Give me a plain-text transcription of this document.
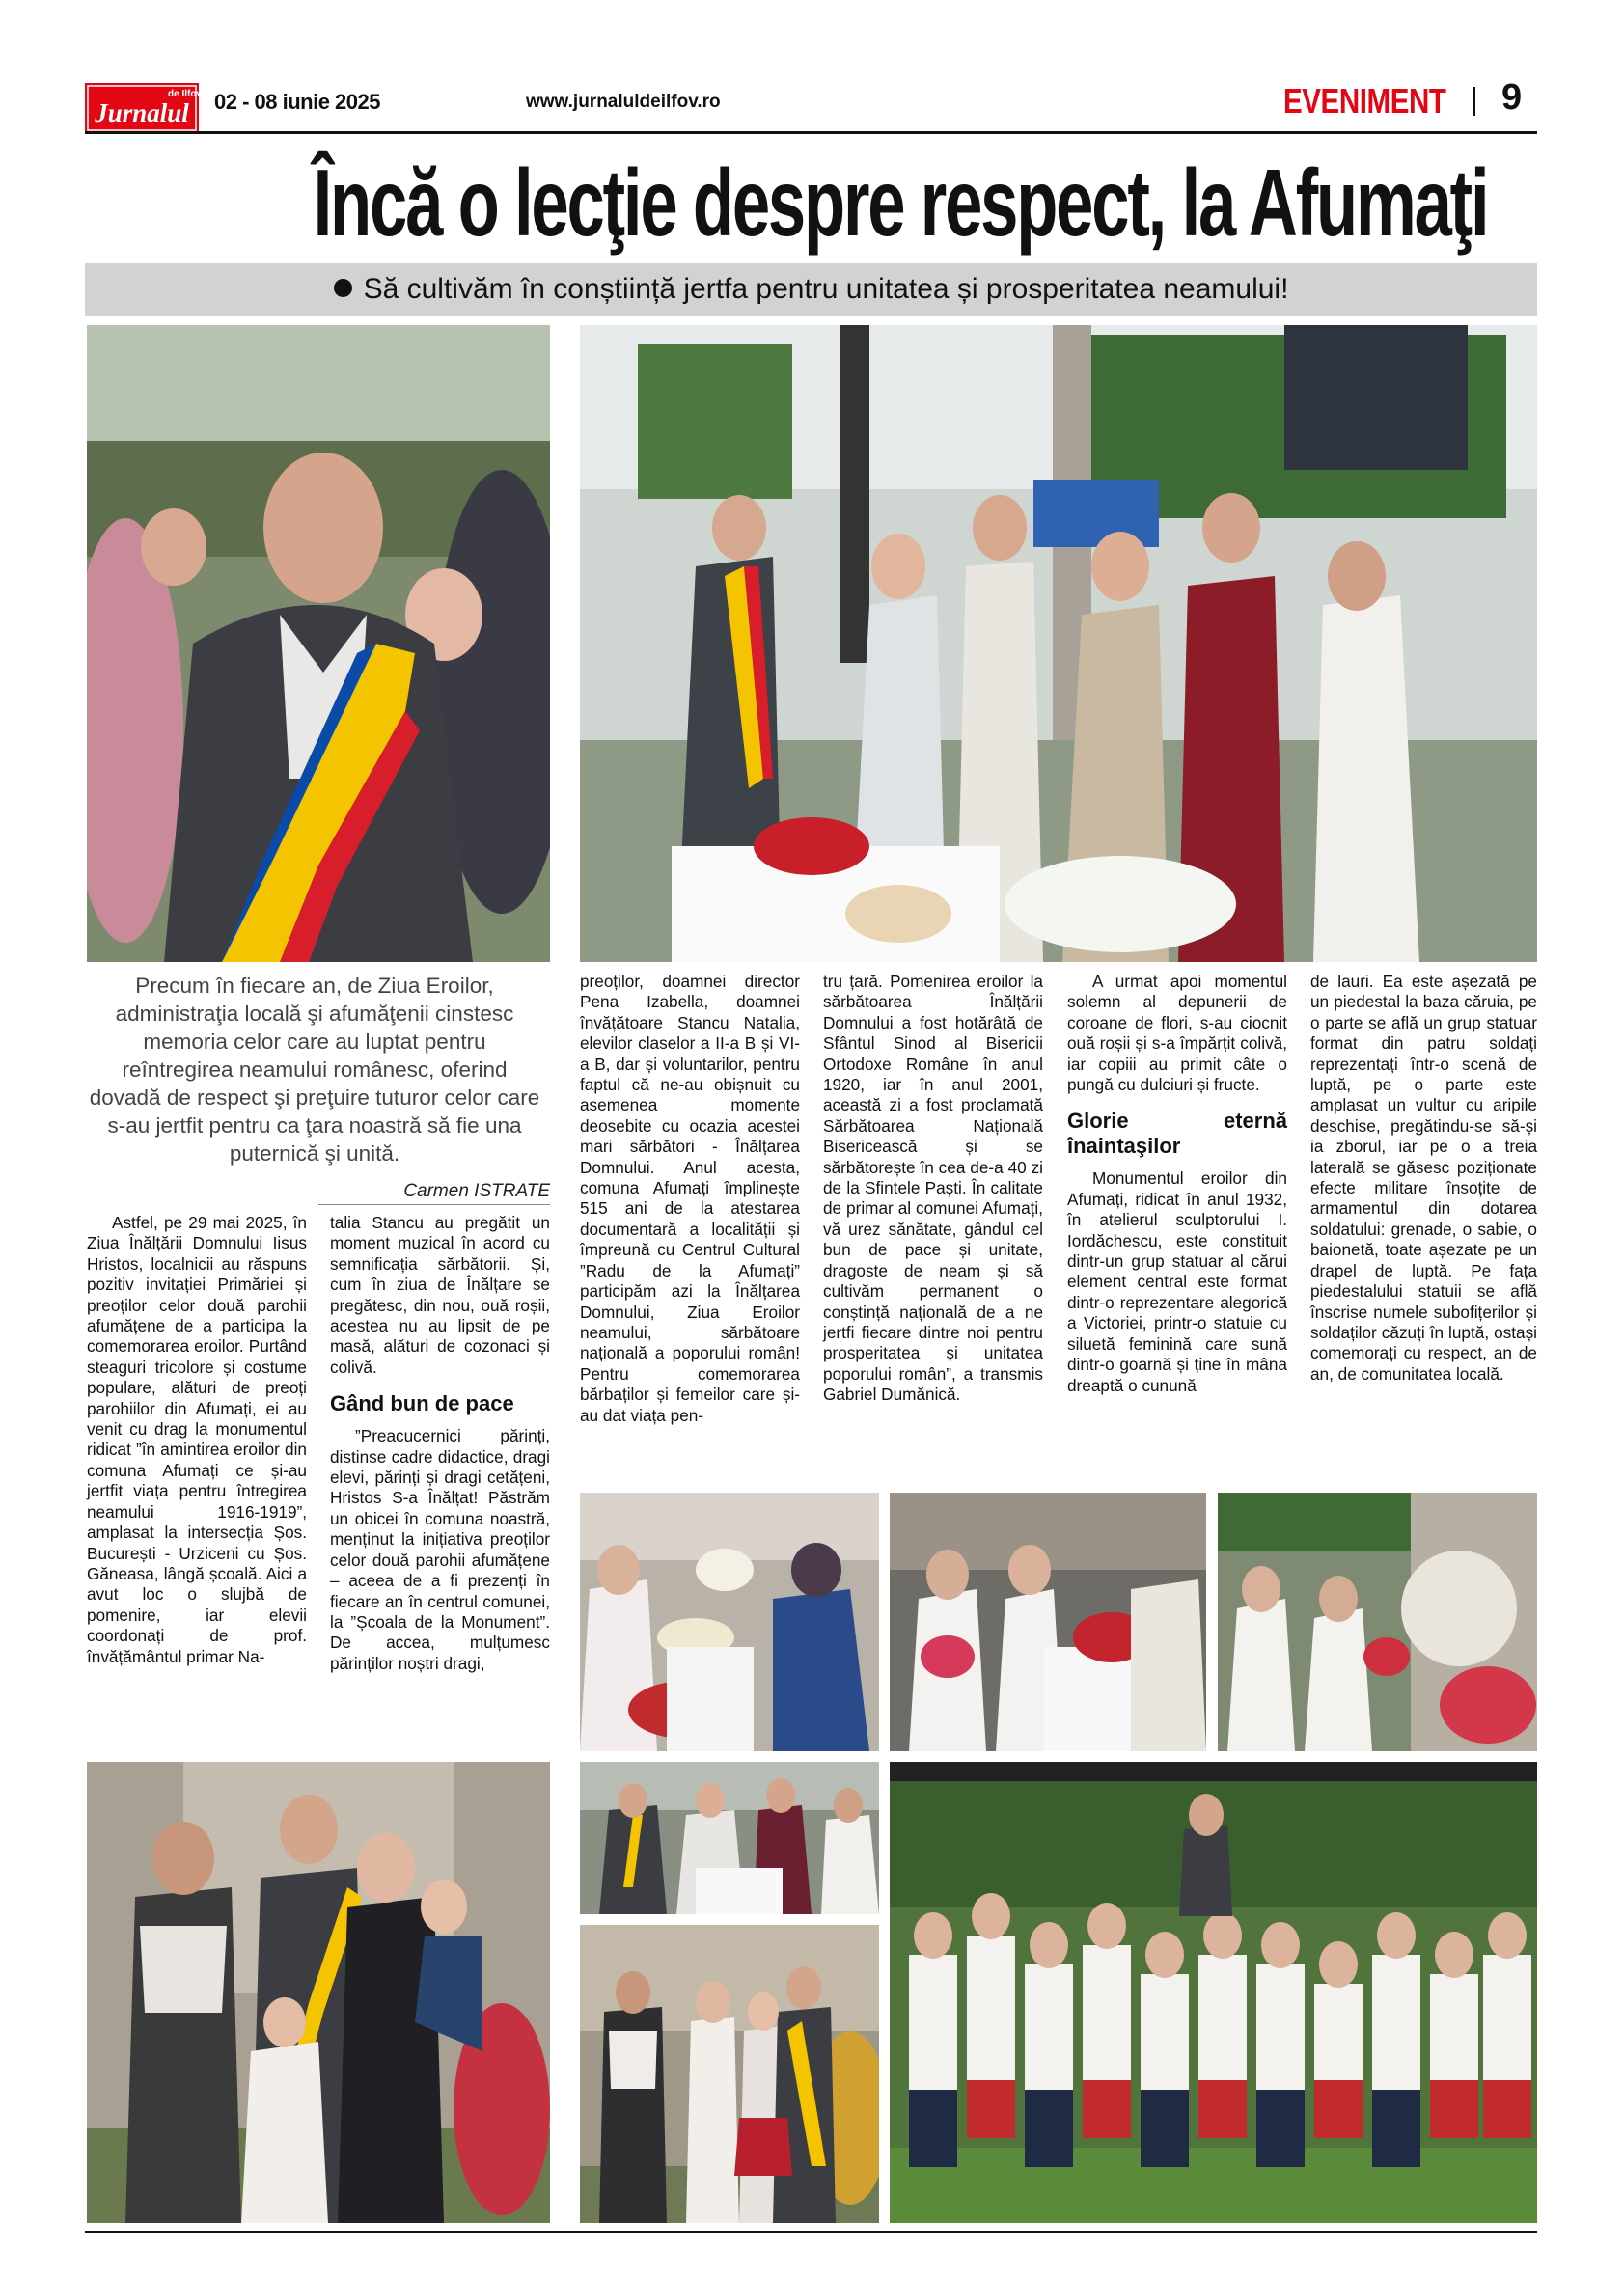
de Ilfov
Jurnalul 02 - 08 iunie 2025	www.jurnaluldeilfov.ro	EVENIMENT 9
Încă o lecţie despre respect, la Afumaţi
Să cultivăm în conștiință jertfa pentru unitatea și prosperitatea neamului!
Precum în fiecare an, de Ziua Eroilor, administraţia locală şi afumăţenii cinstesc memoria celor care au luptat pentru reîntregirea neamului românesc, oferind dovadă de respect şi preţuire tuturor celor care s-au jertfit pentru ca ţara noastră să fie una puternică şi unită.
Carmen ISTRATE

Astfel, pe 29 mai 2025, în Ziua Înălțării Domnului Iisus Hristos, localnicii au răspuns pozitiv invitației Primăriei și preoților celor două parohii afumățene de a participa la comemorarea eroilor. Purtând steaguri tricolore și costume populare, alături de preoți parohiilor din Afumați, ei au venit cu drag la monumentul ridicat ”în amintirea eroilor din comuna Afumați ce și-au jertfit viața pentru întregirea neamului 1916-1919”, amplasat la intersecția Șos. București - Urziceni cu Șos. Găneasa, lângă școală. Aici a avut loc o slujbă de pomenire, iar elevii coordonați de prof. învățământul primar Na-

talia Stancu au pregătit un moment muzical în acord cu semnificația sărbătorii. Și, cum în ziua de Înălțare se pregătesc, din nou, ouă roșii, acestea nu au lipsit de pe masă, alături de cozonaci și colivă.

Gând bun de pace

”Preacucernici părinți, distinse cadre didactice, dragi elevi, părinți și dragi cetățeni, Hristos S-a Înălțat! Păstrăm un obicei în comuna noastră, menținut la inițiativa preoților celor două parohii afumățene – aceea de a fi prezenți în fiecare an în centrul comunei, la ”Școala de la Monument”. De accea, mulțumesc părinților noștri dragi,

preoților, doamnei director Pena Izabella, doamnei învățătoare Stancu Natalia, elevilor claselor a II-a B și VI-a B, dar și voluntarilor, pentru faptul că ne-au obișnuit cu asemenea momente deosebite cu ocazia acestei mari sărbători - Înălțarea Domnului. Anul acesta, comuna Afumați împlinește 515 ani de la atestarea documentară a localității și împreună cu Centrul Cultural ”Radu de la Afumați” participăm azi la Înălțarea Domnului, Ziua Eroilor neamului, sărbătoare națională a poporului român! Pentru comemorarea bărbaților și femeilor care și-au dat viața pen-

tru țară. Pomenirea eroilor la sărbătoarea Înălțării Domnului a fost hotărâtă de Sfântul Sinod al Bisericii Ortodoxe Române în anul 1920, iar în anul 2001, această zi a fost proclamată Sărbătoarea Națională Bisericească și se sărbătorește în cea de-a 40 zi de la Sfintele Paști. În calitate de primar al comunei Afumați, vă urez sănătate, gândul cel bun de pace și unitate, dragoste de neam și să cultivăm permanent o conștință națională de a ne jertfi fiecare dintre noi pentru prosperitatea și unitatea poporului român”, a transmis Gabriel Dumănică.

A urmat apoi momentul solemn al depunerii de coroane de flori, s-au ciocnit ouă roșii și s-a împărțit colivă, iar copiii au primit câte o pungă cu dulciuri și fructe.

Glorie eternă înaintaşilor

Monumentul eroilor din Afumați, ridicat în anul 1932, în atelierul sculptorului I. Iordăchescu, este constituit dintr-un grup statuar al cărui element central este format dintr-o reprezentare alegorică a Victoriei, printr-o statuie cu siluetă feminină care sună dintr-o goarnă și ține în mâna dreaptă o cunună

de lauri. Ea este așezată pe un piedestal la baza căruia, pe o parte se află un grup statuar format din patru soldați reprezentați într-o scenă de luptă, pe o parte este amplasat un vultur cu aripile deschise, pregătindu-se să-și ia zborul, iar pe o a treia laterală se găsesc poziționate efecte militare însoțite de armamentul din dotarea soldatului: grenade, o sabie, o baionetă, toate așezate pe un drapel de luptă. Pe fața piedestalului statuii se află înscrise numele subofițerilor și soldaților căzuți în luptă, ostași comemorați cu respect, an de an, de comunitatea locală.
